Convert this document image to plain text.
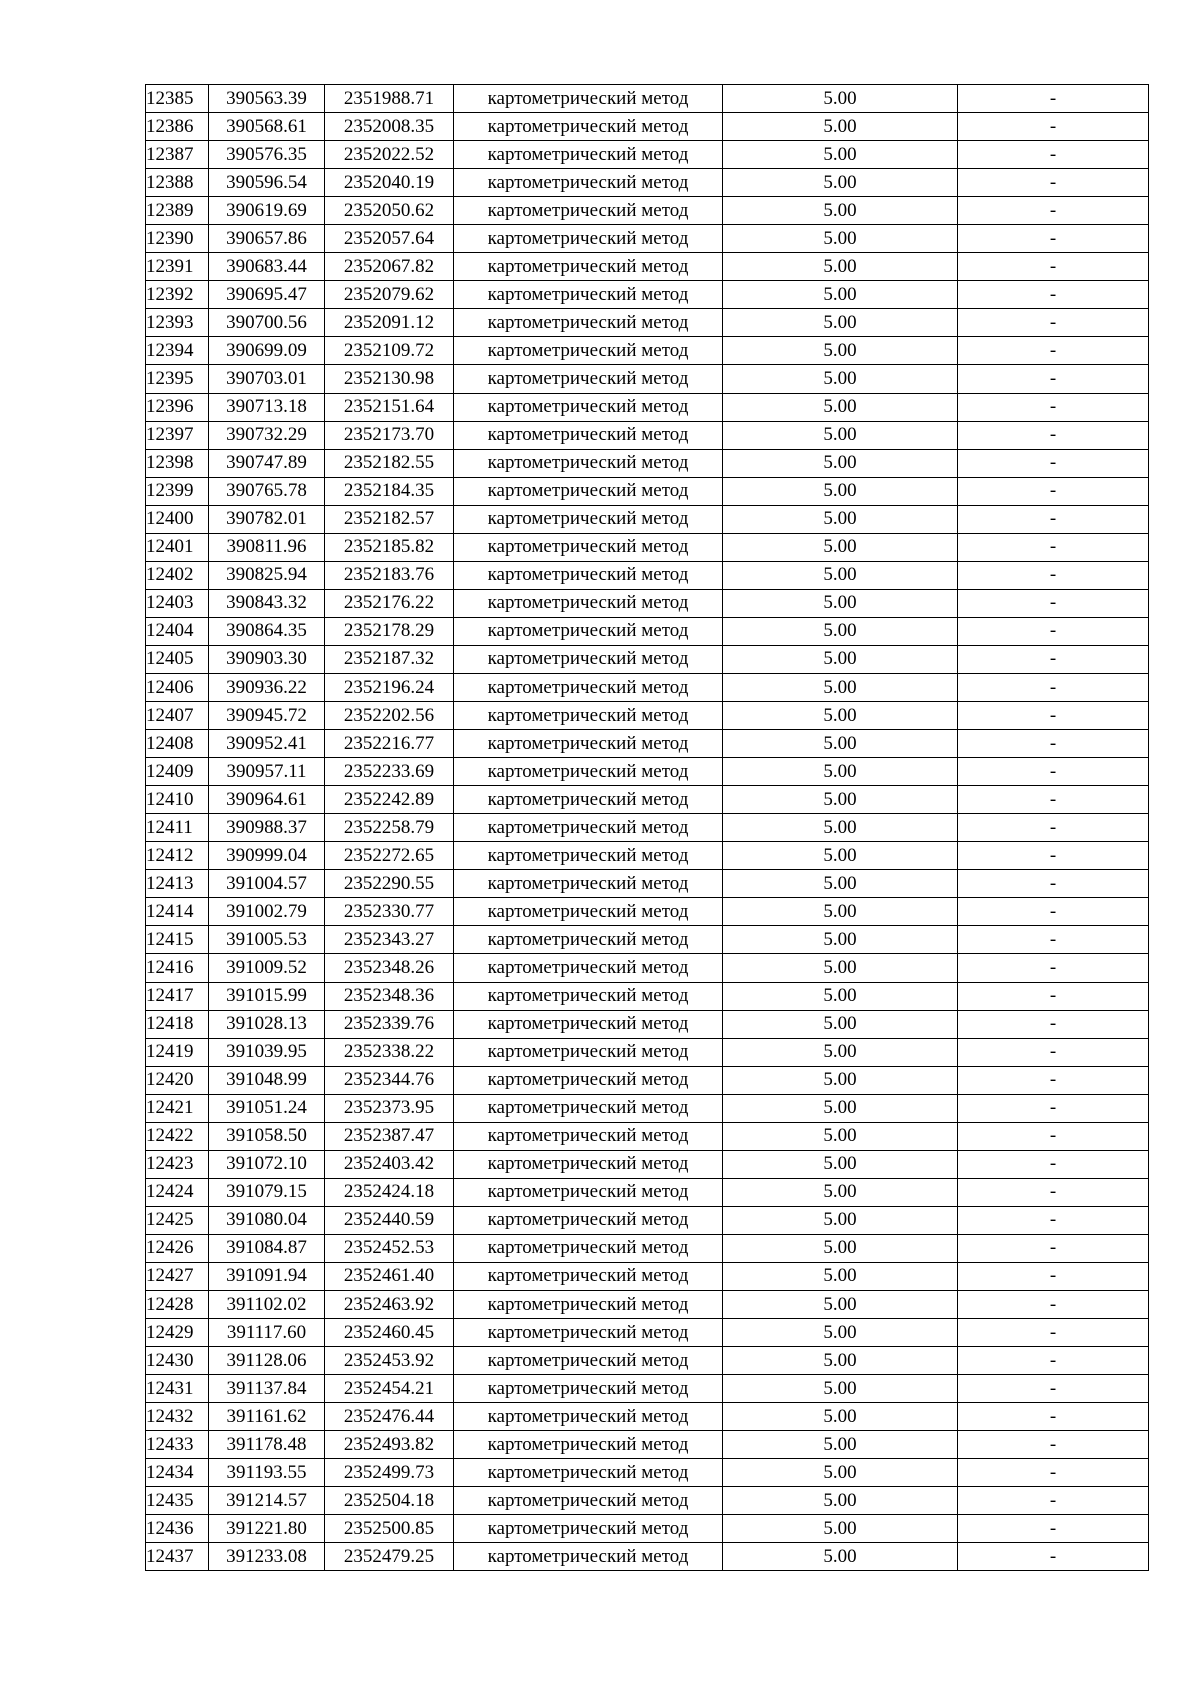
12385	390563.39	2351988.71	картометрический метод	5.00	-
12386	390568.61	2352008.35	картометрический метод	5.00	-
12387	390576.35	2352022.52	картометрический метод	5.00	-
12388	390596.54	2352040.19	картометрический метод	5.00	-
12389	390619.69	2352050.62	картометрический метод	5.00	-
12390	390657.86	2352057.64	картометрический метод	5.00	-
12391	390683.44	2352067.82	картометрический метод	5.00	-
12392	390695.47	2352079.62	картометрический метод	5.00	-
12393	390700.56	2352091.12	картометрический метод	5.00	-
12394	390699.09	2352109.72	картометрический метод	5.00	-
12395	390703.01	2352130.98	картометрический метод	5.00	-
12396	390713.18	2352151.64	картометрический метод	5.00	-
12397	390732.29	2352173.70	картометрический метод	5.00	-
12398	390747.89	2352182.55	картометрический метод	5.00	-
12399	390765.78	2352184.35	картометрический метод	5.00	-
12400	390782.01	2352182.57	картометрический метод	5.00	-
12401	390811.96	2352185.82	картометрический метод	5.00	-
12402	390825.94	2352183.76	картометрический метод	5.00	-
12403	390843.32	2352176.22	картометрический метод	5.00	-
12404	390864.35	2352178.29	картометрический метод	5.00	-
12405	390903.30	2352187.32	картометрический метод	5.00	-
12406	390936.22	2352196.24	картометрический метод	5.00	-
12407	390945.72	2352202.56	картометрический метод	5.00	-
12408	390952.41	2352216.77	картометрический метод	5.00	-
12409	390957.11	2352233.69	картометрический метод	5.00	-
12410	390964.61	2352242.89	картометрический метод	5.00	-
12411	390988.37	2352258.79	картометрический метод	5.00	-
12412	390999.04	2352272.65	картометрический метод	5.00	-
12413	391004.57	2352290.55	картометрический метод	5.00	-
12414	391002.79	2352330.77	картометрический метод	5.00	-
12415	391005.53	2352343.27	картометрический метод	5.00	-
12416	391009.52	2352348.26	картометрический метод	5.00	-
12417	391015.99	2352348.36	картометрический метод	5.00	-
12418	391028.13	2352339.76	картометрический метод	5.00	-
12419	391039.95	2352338.22	картометрический метод	5.00	-
12420	391048.99	2352344.76	картометрический метод	5.00	-
12421	391051.24	2352373.95	картометрический метод	5.00	-
12422	391058.50	2352387.47	картометрический метод	5.00	-
12423	391072.10	2352403.42	картометрический метод	5.00	-
12424	391079.15	2352424.18	картометрический метод	5.00	-
12425	391080.04	2352440.59	картометрический метод	5.00	-
12426	391084.87	2352452.53	картометрический метод	5.00	-
12427	391091.94	2352461.40	картометрический метод	5.00	-
12428	391102.02	2352463.92	картометрический метод	5.00	-
12429	391117.60	2352460.45	картометрический метод	5.00	-
12430	391128.06	2352453.92	картометрический метод	5.00	-
12431	391137.84	2352454.21	картометрический метод	5.00	-
12432	391161.62	2352476.44	картометрический метод	5.00	-
12433	391178.48	2352493.82	картометрический метод	5.00	-
12434	391193.55	2352499.73	картометрический метод	5.00	-
12435	391214.57	2352504.18	картометрический метод	5.00	-
12436	391221.80	2352500.85	картометрический метод	5.00	-
12437	391233.08	2352479.25	картометрический метод	5.00	-
